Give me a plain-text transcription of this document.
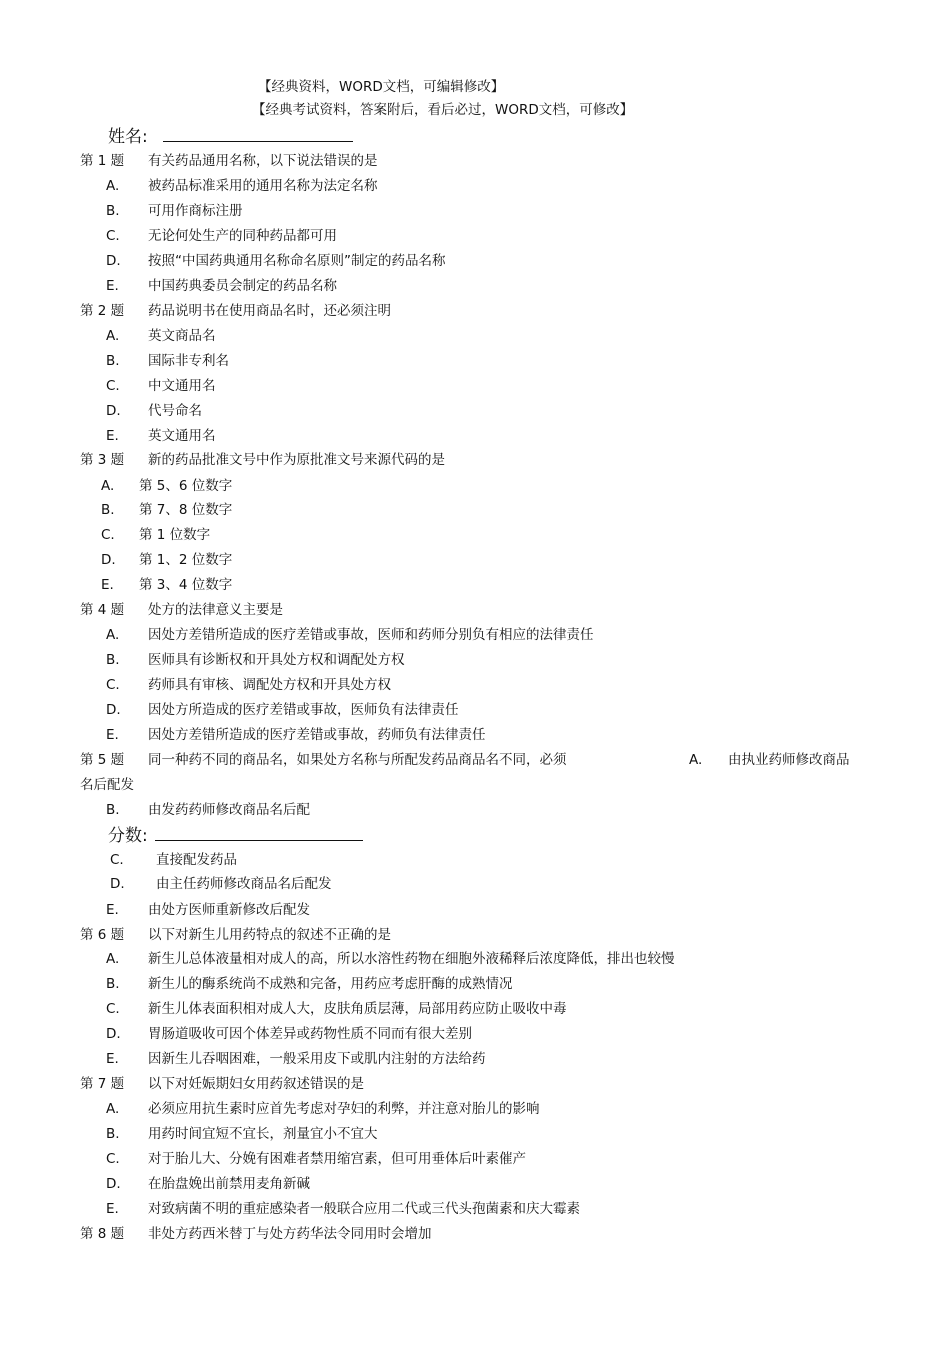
【经典资料，WORD文档，可编辑修改】
【经典考试资料，答案附后，看后必过，WORD文档，可修改】
姓名:
第 1 题 有关药品通用名称，以下说法错误的是
A. 被药品标准采用的通用名称为法定名称
B. 可用作商标注册
C. 无论何处生产的同种药品都可用
D. 按照“中国药典通用名称命名原则”制定的药品名称
E. 中国药典委员会制定的药品名称
第 2 题 药品说明书在使用商品名时，还必须注明
A. 英文商品名
B. 国际非专利名
C. 中文通用名
D. 代号命名
E. 英文通用名
第 3 题 新的药品批准文号中作为原批准文号来源代码的是
A. 第 5、6 位数字
B. 第 7、8 位数字
C. 第 1 位数字
D. 第 1、2 位数字
E. 第 3、4 位数字
第 4 题 处方的法律意义主要是
A. 因处方差错所造成的医疗差错或事故，医师和药师分别负有相应的法律责任
B. 医师具有诊断权和开具处方权和调配处方权
C. 药师具有审核、调配处方权和开具处方权
D. 因处方所造成的医疗差错或事故，医师负有法律责任
E. 因处方差错所造成的医疗差错或事故，药师负有法律责任
第 5 题 同一种药不同的商品名，如果处方名称与所配发药品商品名不同，必须	A. 由执业药师修改商品
名后配发
B. 由发药药师修改商品名后配
分数:
C. 直接配发药品
D. 由主任药师修改商品名后配发
E. 由处方医师重新修改后配发
第 6 题 以下对新生儿用药特点的叙述不正确的是
A. 新生儿总体液量相对成人的高，所以水溶性药物在细胞外液稀释后浓度降低，排出也较慢
B. 新生儿的酶系统尚不成熟和完备，用药应考虑肝酶的成熟情况
C. 新生儿体表面积相对成人大，皮肤角质层薄，局部用药应防止吸收中毒
D. 胃肠道吸收可因个体差异或药物性质不同而有很大差别
E. 因新生儿吞咽困难，一般采用皮下或肌内注射的方法给药
第 7 题 以下对妊娠期妇女用药叙述错误的是
A. 必须应用抗生素时应首先考虑对孕妇的利弊，并注意对胎儿的影响
B. 用药时间宜短不宜长，剂量宜小不宜大
C. 对于胎儿大、分娩有困难者禁用缩宫素，但可用垂体后叶素催产
D. 在胎盘娩出前禁用麦角新碱
E. 对致病菌不明的重症感染者一般联合应用二代或三代头孢菌素和庆大霉素
第 8 题 非处方药西米替丁与处方药华法令同用时会增加
